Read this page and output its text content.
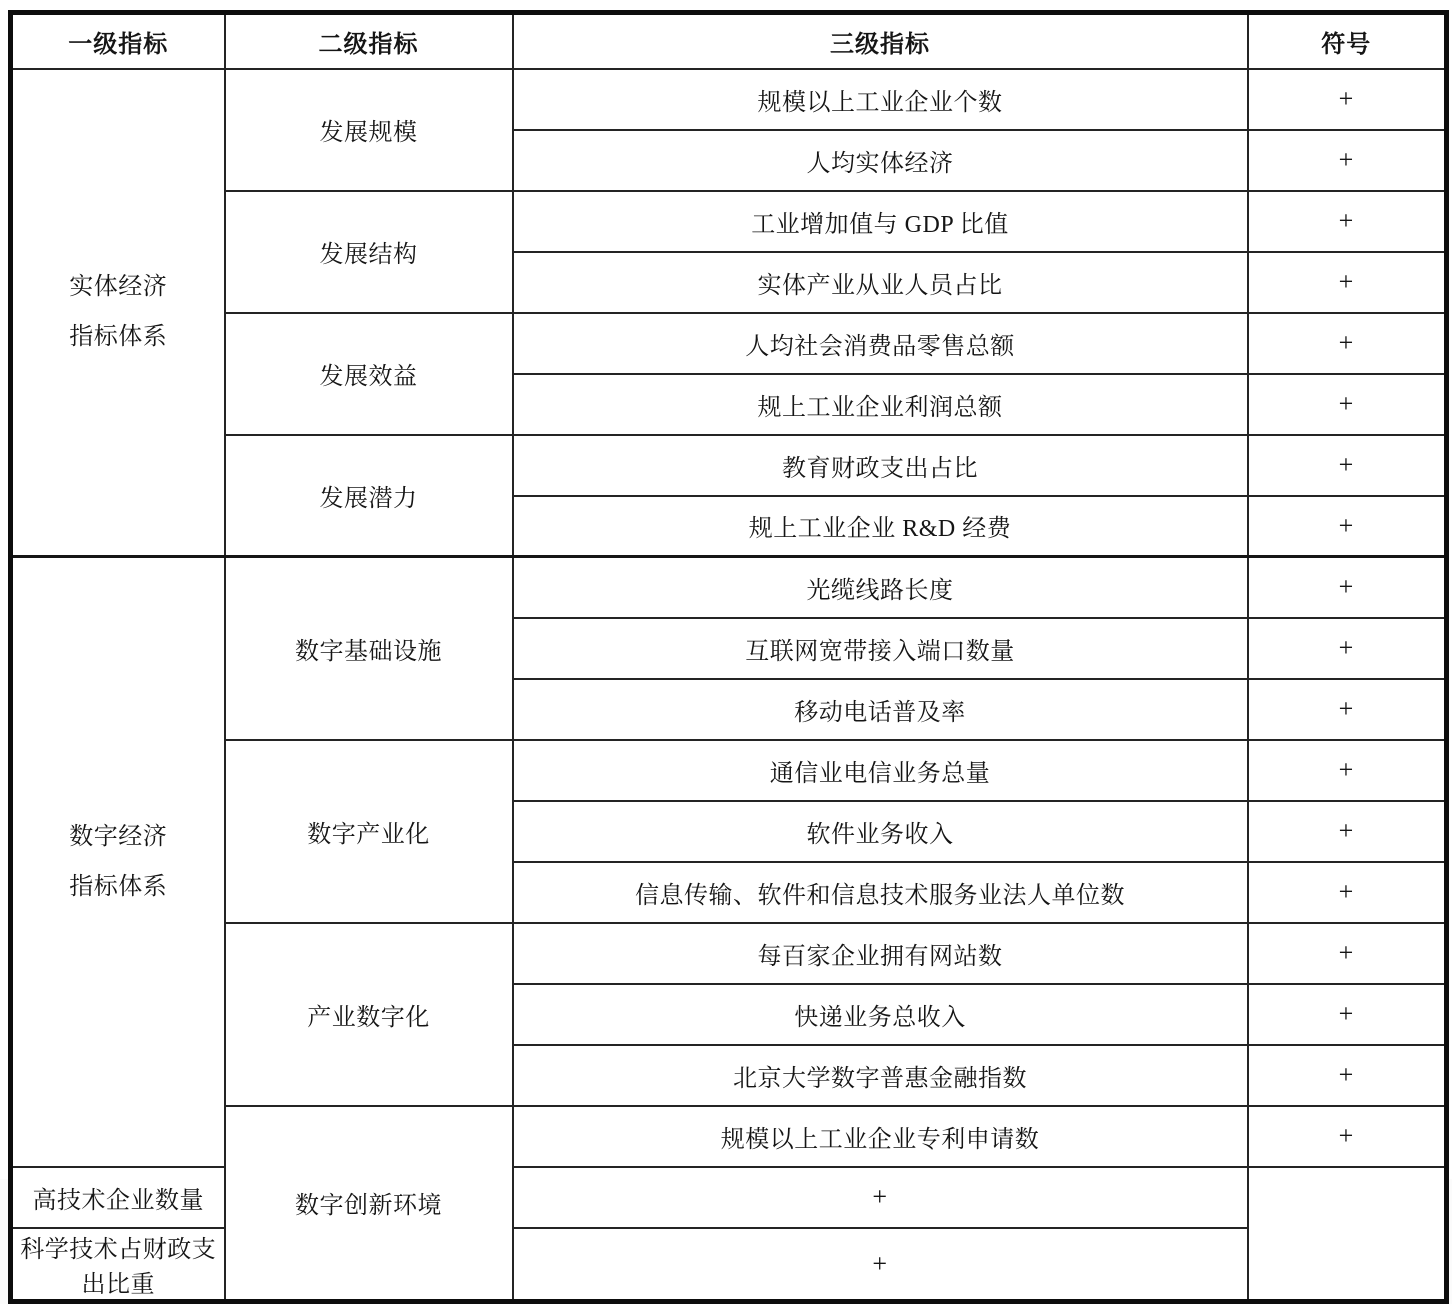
一级指标	二级指标	三级指标	符号

实体经济
指标体系	发展规模	规模以上工业企业个数	+
		人均实体经济	+
	发展结构	工业增加值与 GDP 比值	+
		实体产业从业人员占比	+
	发展效益	人均社会消费品零售总额	+
		规上工业企业利润总额	+
	发展潜力	教育财政支出占比	+
		规上工业企业 R&D 经费	+

数字经济
指标体系	数字基础设施	光缆线路长度	+
		互联网宽带接入端口数量	+
		移动电话普及率	+
	数字产业化	通信业电信业务总量	+
		软件业务收入	+
		信息传输、软件和信息技术服务业法人单位数	+
	产业数字化	每百家企业拥有网站数	+
		快递业务总收入	+
		北京大学数字普惠金融指数	+
	数字创新环境	规模以上工业企业专利申请数	+
高技术企业数量		+	
科学技术占财政支出比重		+	
